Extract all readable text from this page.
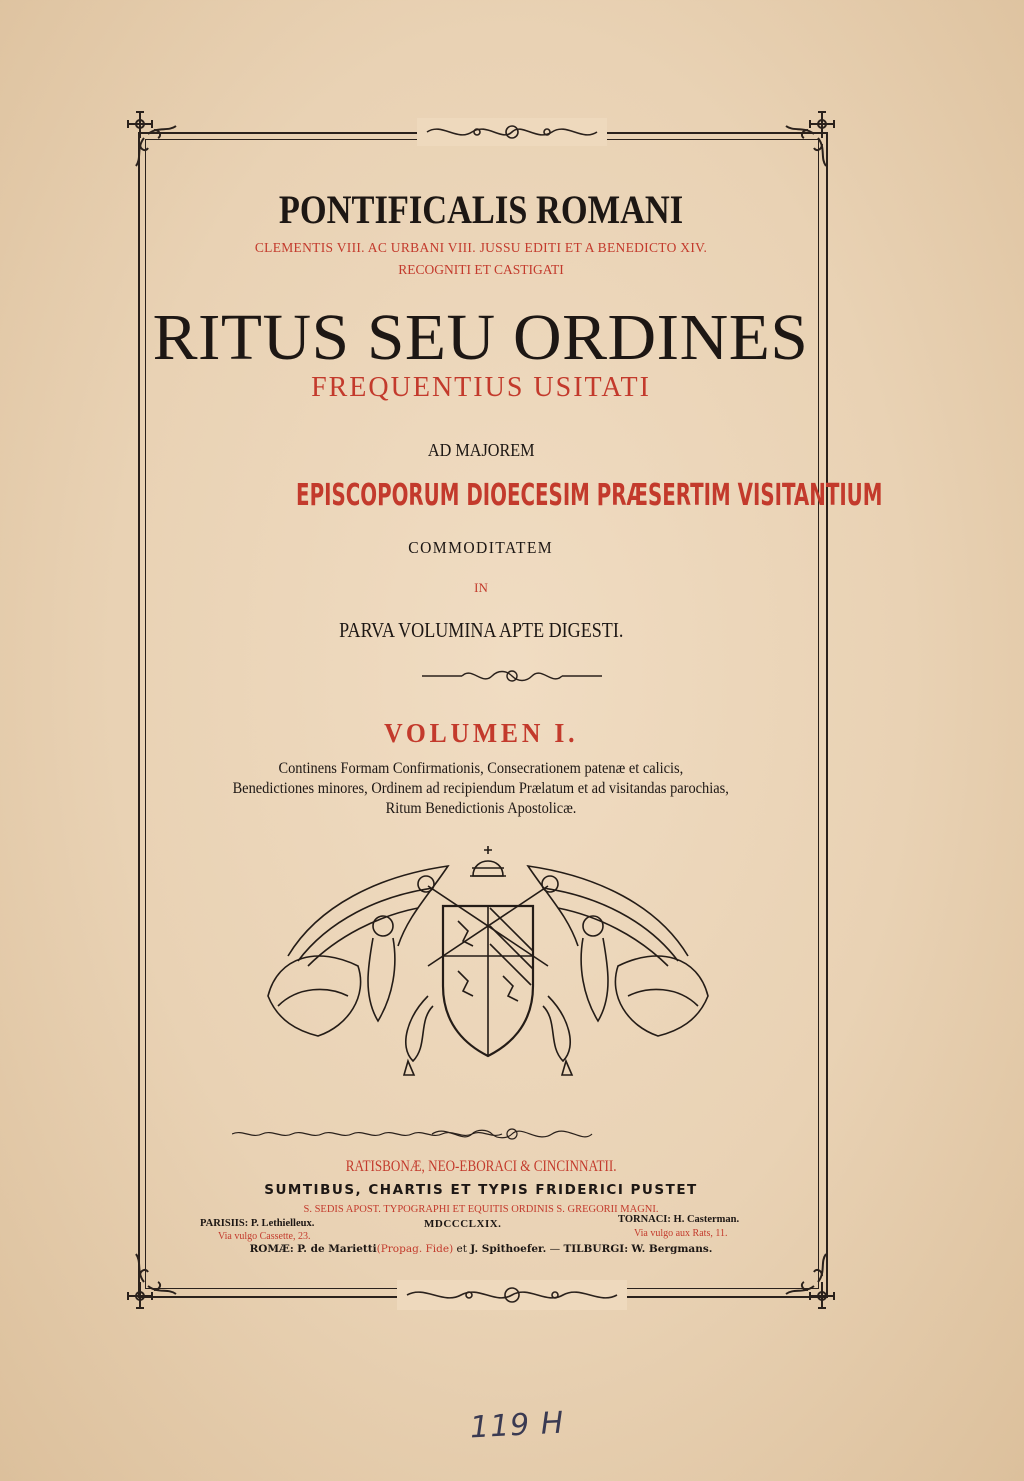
PONTIFICALIS ROMANI
CLEMENTIS VIII. AC URBANI VIII. JUSSU EDITI ET A BENEDICTO XIV.
RECOGNITI ET CASTIGATI
RITUS SEU ORDINES
FREQUENTIUS USITATI
AD MAJOREM
EPISCOPORUM DIOECESIM PRÆSERTIM VISITANTIUM
COMMODITATEM
IN
PARVA VOLUMINA APTE DIGESTI.
VOLUMEN I.
Continens Formam Confirmationis, Consecrationem patenæ et calicis,
Benedictiones minores, Ordinem ad recipiendum Prælatum et ad visitandas parochias,
Ritum Benedictionis Apostolicæ.
RATISBONÆ, NEO-EBORACI & CINCINNATII.
SUMTIBUS, CHARTIS ET TYPIS FRIDERICI PUSTET
S. SEDIS APOST. TYPOGRAPHI ET EQUITIS ORDINIS S. GREGORII MAGNI.
PARISIIS: P. Lethielleux.
Via vulgo Cassette, 23.
MDCCCLXIX.	TORNACI: H. Casterman.
Via vulgo aux Rats, 11.
ROMÆ: P. de Marietti(Propag. Fide) et J. Spithoefer. — TILBURGI: W. Bergmans.
119 H
